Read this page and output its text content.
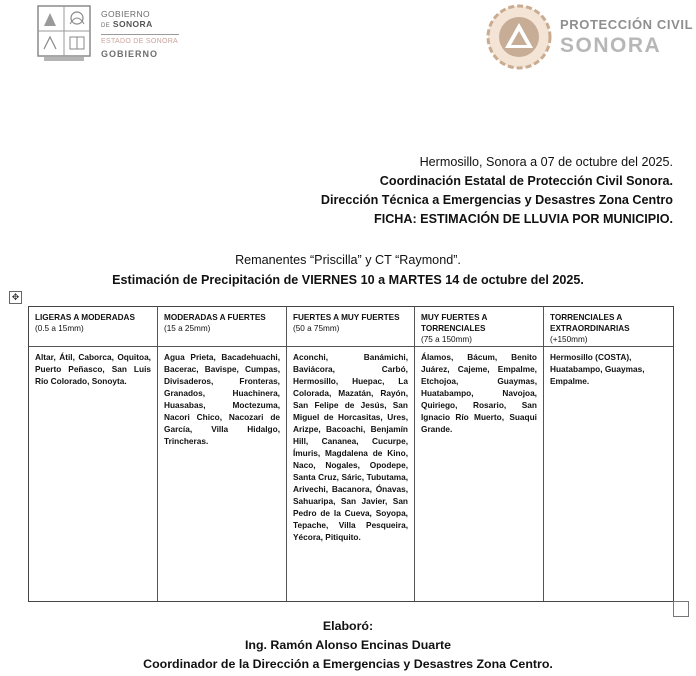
GOBIERNO
DE SONORA
ESTADO DE SONORA
GOBIERNO
PROTECCIÓN CIVIL
SONORA
Hermosillo, Sonora a 07 de octubre del 2025.
Coordinación Estatal de Protección Civil Sonora.
Dirección Técnica a Emergencias y Desastres Zona Centro
FICHA: ESTIMACIÓN DE LLUVIA POR MUNICIPIO.
Remanentes “Priscilla” y CT “Raymond”.
Estimación de Precipitación de VIERNES 10 a MARTES 14 de octubre del 2025.
✥
LIGERAS A MODERADAS
(0.5 a 15mm)
MODERADAS A FUERTES
(15 a 25mm)
FUERTES A MUY FUERTES
(50 a 75mm)
MUY FUERTES A TORRENCIALES
(75 a 150mm)
TORRENCIALES A EXTRAORDINARIAS
(+150mm)
Altar, Átil, Caborca, Oquitoa, Puerto Peñasco, San Luis Río Colorado, Sonoyta.
Agua Prieta, Bacadehuachi, Bacerac, Bavispe, Cumpas, Divisaderos, Fronteras, Granados, Huachinera, Huasabas, Moctezuma, Nacori Chico, Nacozari de García, Villa Hidalgo, Trincheras.
Aconchi, Banámichi, Baviácora, Carbó, Hermosillo, Huepac, La Colorada, Mazatán, Rayón, San Felipe de Jesús, San Miguel de Horcasitas, Ures, Arizpe, Bacoachi, Benjamín Hill, Cananea, Cucurpe, Ímuris, Magdalena de Kino, Naco, Nogales, Opodepe, Santa Cruz, Sáric, Tubutama, Arivechi, Bacanora, Ónavas, Sahuaripa, San Javier, San Pedro de la Cueva, Soyopa, Tepache, Villa Pesqueira, Yécora, Pitiquito.
Álamos, Bácum, Benito Juárez, Cajeme, Empalme, Etchojoa, Guaymas, Huatabampo, Navojoa, Quiriego, Rosario, San Ignacio Río Muerto, Suaqui Grande.
Hermosillo (COSTA), Huatabampo, Guaymas, Empalme.
Elaboró:
Ing. Ramón Alonso Encinas Duarte
Coordinador de la Dirección a Emergencias y Desastres Zona Centro.
